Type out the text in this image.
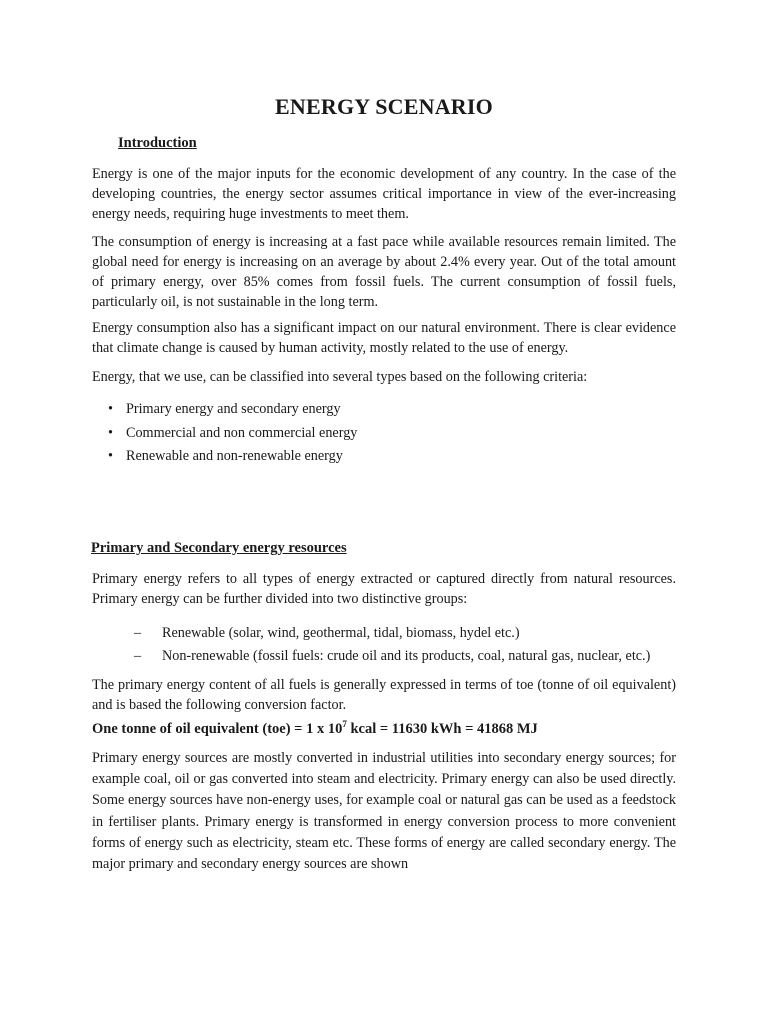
ENERGY SCENARIO
Introduction

Energy is one of the major inputs for the economic development of any country. In the case of the developing countries, the energy sector assumes critical importance in view of the ever-increasing energy needs, requiring huge investments to meet them.

The consumption of energy is increasing at a fast pace while available resources remain limited. The global need for energy is increasing on an average by about 2.4% every year. Out of the total amount of primary energy, over 85% comes from fossil fuels. The current consumption of fossil fuels, particularly oil, is not sustainable in the long term.

Energy consumption also has a significant impact on our natural environment. There is clear evidence that climate change is caused by human activity, mostly related to the use of energy.

Energy, that we use, can be classified into several types based on the following criteria:

• Primary energy and secondary energy
• Commercial and non commercial energy
• Renewable and non-renewable energy
Primary and Secondary energy resources

Primary energy refers to all types of energy extracted or captured directly from natural resources. Primary energy can be further divided into two distinctive groups:

– Renewable (solar, wind, geothermal, tidal, biomass, hydel etc.)
– Non-renewable (fossil fuels: crude oil and its products, coal, natural gas, nuclear, etc.)

The primary energy content of all fuels is generally expressed in terms of toe (tonne of oil equivalent) and is based the following conversion factor.

One tonne of oil equivalent (toe) = 1 x $10^7$ kcal = 11630 kWh = 41868 MJ

Primary energy sources are mostly converted in industrial utilities into secondary energy sources; for example coal, oil or gas converted into steam and electricity. Primary energy can also be used directly. Some energy sources have non-energy uses, for example coal or natural gas can be used as a feedstock in fertiliser plants. Primary energy is transformed in energy conversion process to more convenient forms of energy such as electricity, steam etc. These forms of energy are called secondary energy. The major primary and secondary energy sources are shown
